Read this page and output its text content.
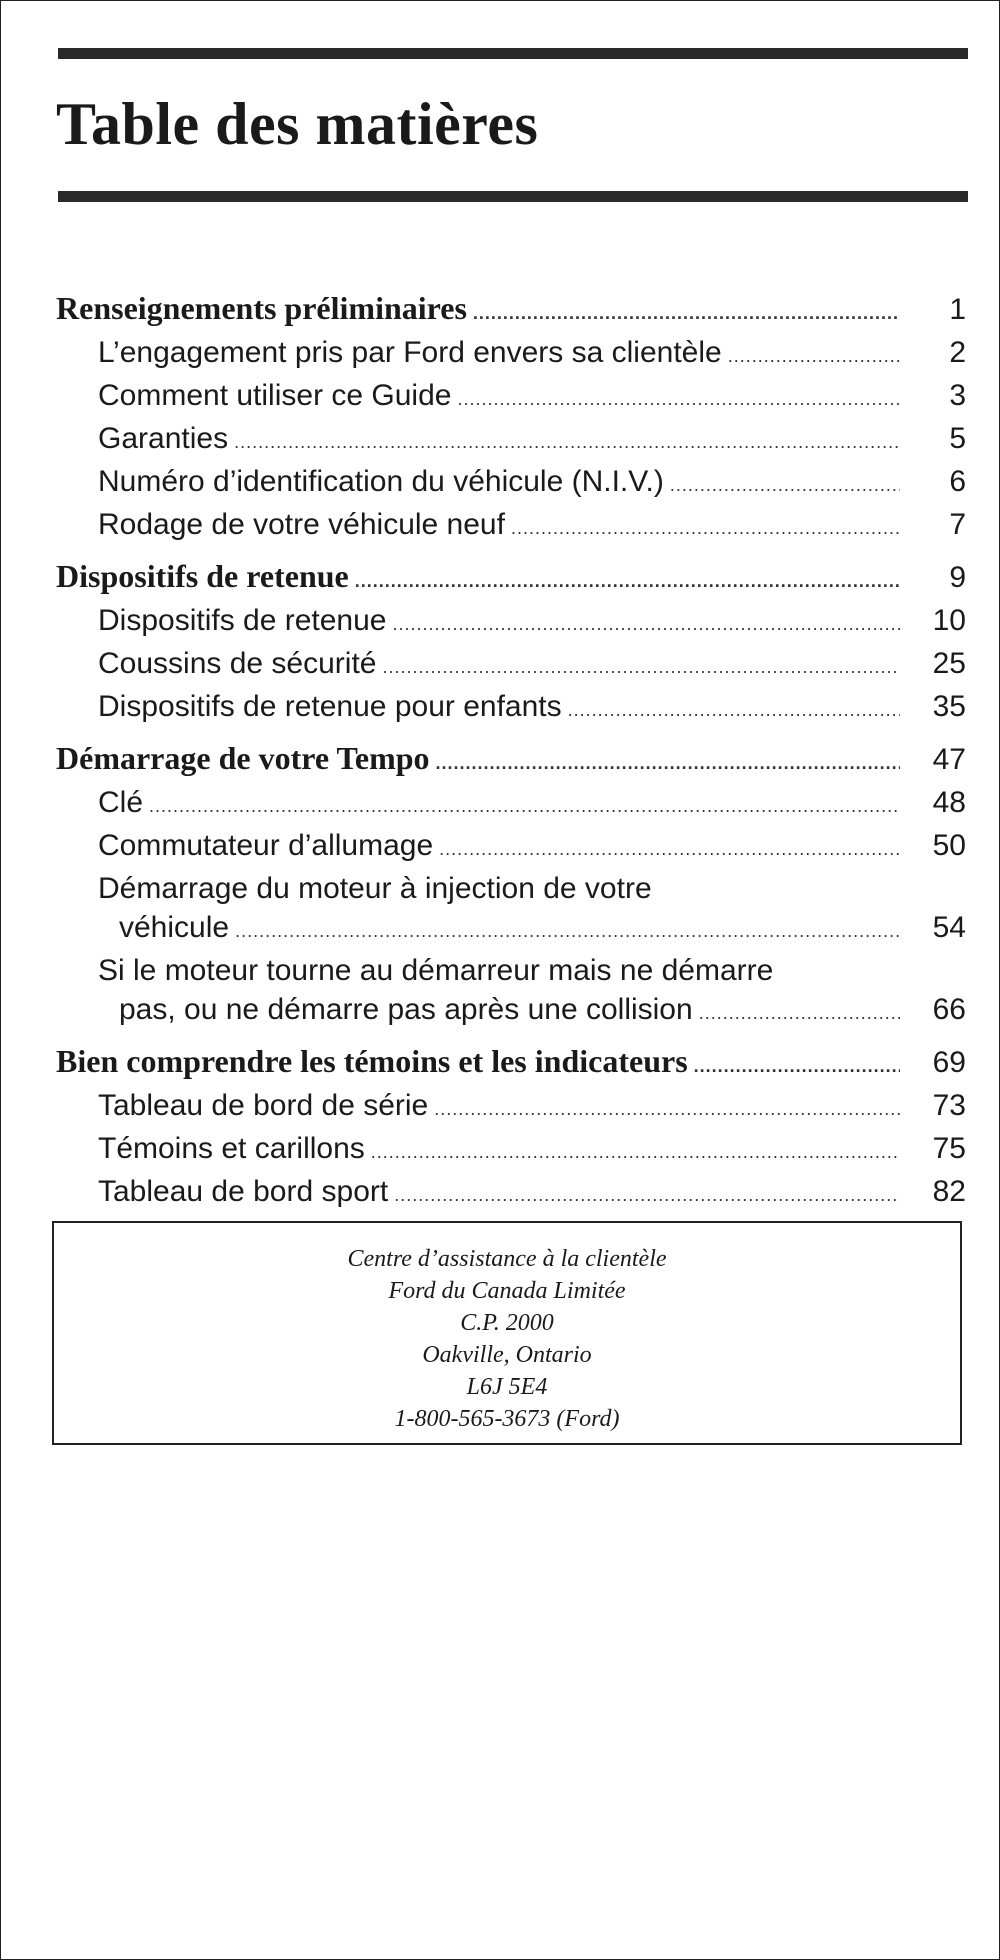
Table des matières
Renseignements préliminaires .....	1
L’engagement pris par Ford envers sa clientèle .....	2
Comment utiliser ce Guide .....	3
Garanties .....	5
Numéro d’identification du véhicule (N.I.V.) .....	6
Rodage de votre véhicule neuf .....	7
Dispositifs de retenue .....	9
Dispositifs de retenue .....	10
Coussins de sécurité .....	25
Dispositifs de retenue pour enfants .....	35
Démarrage de votre Tempo .....	47
Clé .....	48
Commutateur d’allumage .....	50
Démarrage du moteur à injection de votre
véhicule .....	54
Si le moteur tourne au démarreur mais ne démarre
pas, ou ne démarre pas après une collision .....	66
Bien comprendre les témoins et les indicateurs .....	69
Tableau de bord de série .....	73
Témoins et carillons .....	75
Tableau de bord sport .....	82
Centre d’assistance à la clientèle
Ford du Canada Limitée
C.P. 2000
Oakville, Ontario
L6J 5E4
1-800-565-3673 (Ford)
